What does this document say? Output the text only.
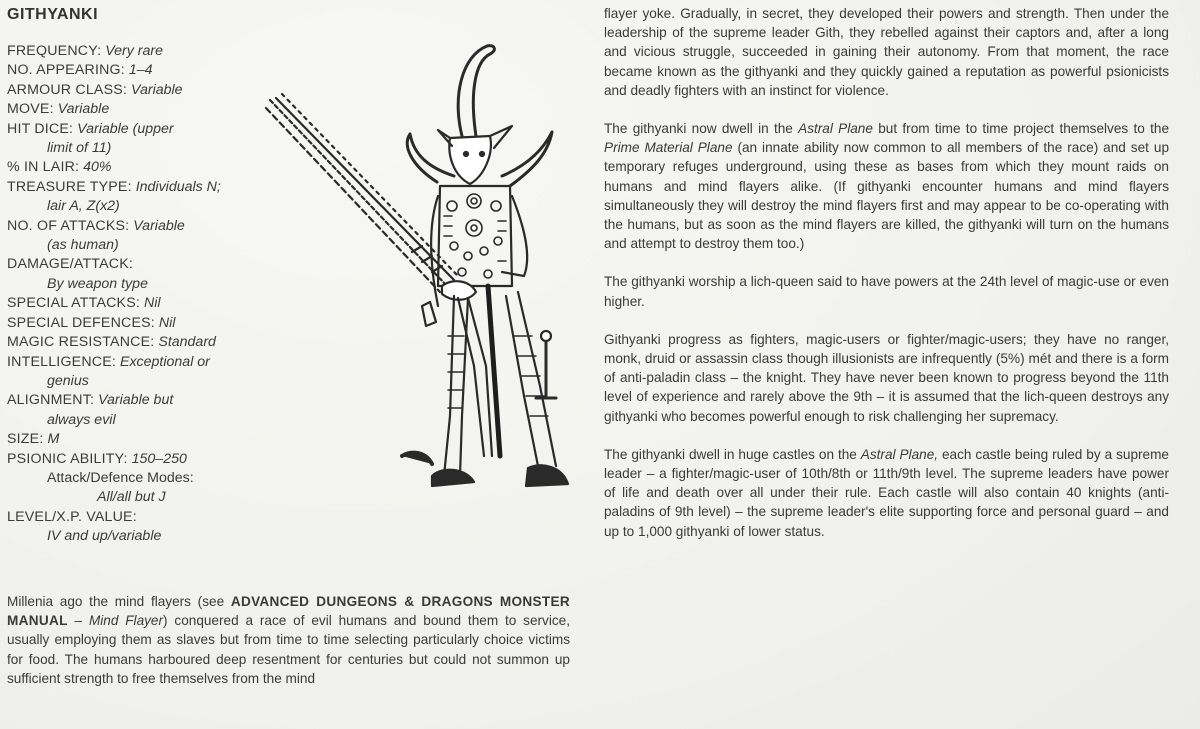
GITHYANKI
FREQUENCY: Very rare
NO. APPEARING: 1–4
ARMOUR CLASS: Variable
MOVE: Variable
HIT DICE: Variable (upper
limit of 11)
% IN LAIR: 40%
TREASURE TYPE: Individuals N;
lair A, Z(x2)
NO. OF ATTACKS: Variable
(as human)
DAMAGE/ATTACK:
By weapon type
SPECIAL ATTACKS: Nil
SPECIAL DEFENCES: Nil
MAGIC RESISTANCE: Standard
INTELLIGENCE: Exceptional or
genius
ALIGNMENT: Variable but
always evil
SIZE: M
PSIONIC ABILITY: 150–250
Attack/Defence Modes:
All/all but J
LEVEL/X.P. VALUE:
IV and up/variable
Millenia ago the mind flayers (see ADVANCED DUNGEONS & DRAGONS MONSTER MANUAL – Mind Flayer) conquered a race of evil humans and bound them to service, usually employing them as slaves but from time to time selecting particularly choice victims for food. The humans harboured deep resentment for centuries but could not summon up sufficient strength to free themselves from the mind

flayer yoke. Gradually, in secret, they developed their powers and strength. Then under the leadership of the supreme leader Gith, they rebelled against their captors and, after a long and vicious struggle, succeeded in gaining their autonomy. From that moment, the race became known as the githyanki and they quickly gained a reputation as powerful psionicists and deadly fighters with an instinct for violence.

The githyanki now dwell in the Astral Plane but from time to time project themselves to the Prime Material Plane (an innate ability now common to all members of the race) and set up temporary refuges underground, using these as bases from which they mount raids on humans and mind flayers alike. (If githyanki encounter humans and mind flayers simultaneously they will destroy the mind flayers first and may appear to be co-operating with the humans, but as soon as the mind flayers are killed, the githyanki will turn on the humans and attempt to destroy them too.)

The githyanki worship a lich-queen said to have powers at the 24th level of magic-use or even higher.

Githyanki progress as fighters, magic-users or fighter/magic-users; they have no ranger, monk, druid or assassin class though illusionists are infrequently (5%) mét and there is a form of anti-paladin class – the knight. They have never been known to progress beyond the 11th level of experience and rarely above the 9th – it is assumed that the lich-queen destroys any githyanki who becomes powerful enough to risk challenging her supremacy.

The githyanki dwell in huge castles on the Astral Plane, each castle being ruled by a supreme leader – a fighter/magic-user of 10th/8th or 11th/9th level. The supreme leaders have power of life and death over all under their rule. Each castle will also contain 40 knights (anti-paladins of 9th level) – the supreme leader's elite supporting force and personal guard – and up to 1,000 githyanki of lower status.
